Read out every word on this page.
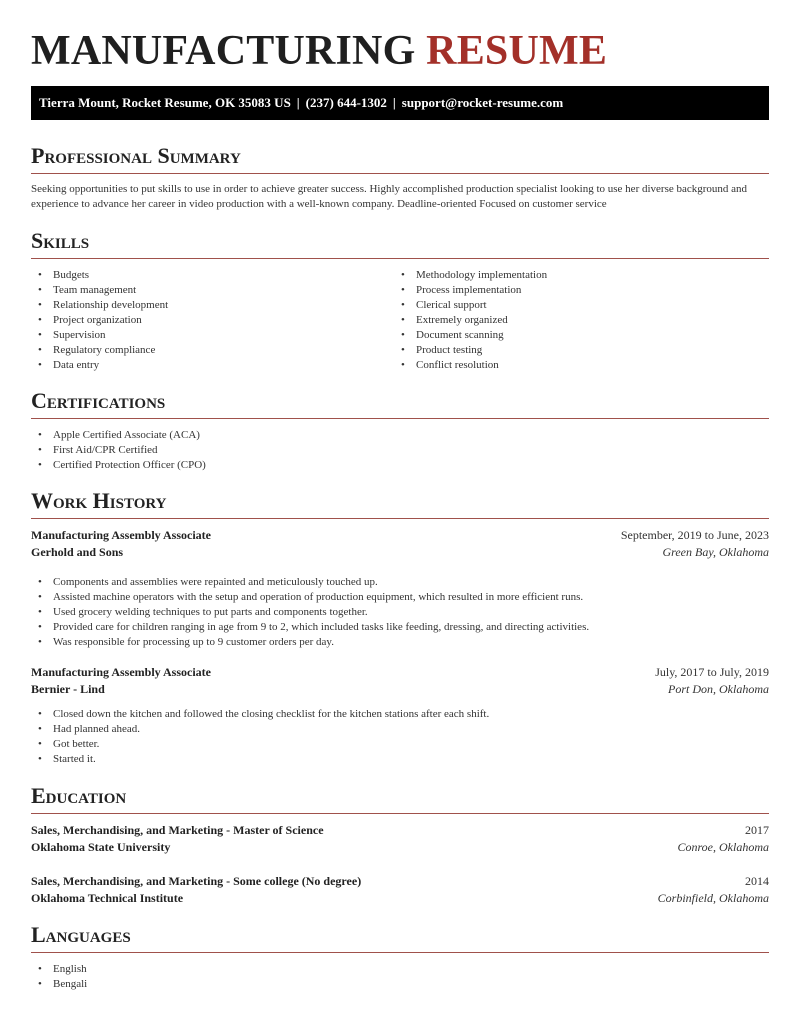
MANUFACTURING RESUME
Tierra Mount, Rocket Resume, OK 35083 US | (237) 644-1302 | support@rocket-resume.com
Professional Summary
Seeking opportunities to put skills to use in order to achieve greater success. Highly accomplished production specialist looking to use her diverse background and experience to advance her career in video production with a well-known company. Deadline-oriented Focused on customer service
Skills
• Budgets
• Team management
• Relationship development
• Project organization
• Supervision
• Regulatory compliance
• Data entry
• Methodology implementation
• Process implementation
• Clerical support
• Extremely organized
• Document scanning
• Product testing
• Conflict resolution
Certifications
• Apple Certified Associate (ACA)
• First Aid/CPR Certified
• Certified Protection Officer (CPO)
Work History
Manufacturing Assembly Associate	September, 2019 to June, 2023
Gerhold and Sons	Green Bay, Oklahoma
• Components and assemblies were repainted and meticulously touched up.
• Assisted machine operators with the setup and operation of production equipment, which resulted in more efficient runs.
• Used grocery welding techniques to put parts and components together.
• Provided care for children ranging in age from 9 to 2, which included tasks like feeding, dressing, and directing activities.
• Was responsible for processing up to 9 customer orders per day.
Manufacturing Assembly Associate	July, 2017 to July, 2019
Bernier - Lind	Port Don, Oklahoma
• Closed down the kitchen and followed the closing checklist for the kitchen stations after each shift.
• Had planned ahead.
• Got better.
• Started it.
Education
Sales, Merchandising, and Marketing - Master of Science	2017
Oklahoma State University	Conroe, Oklahoma
Sales, Merchandising, and Marketing - Some college (No degree)	2014
Oklahoma Technical Institute	Corbinfield, Oklahoma
Languages
• English
• Bengali
